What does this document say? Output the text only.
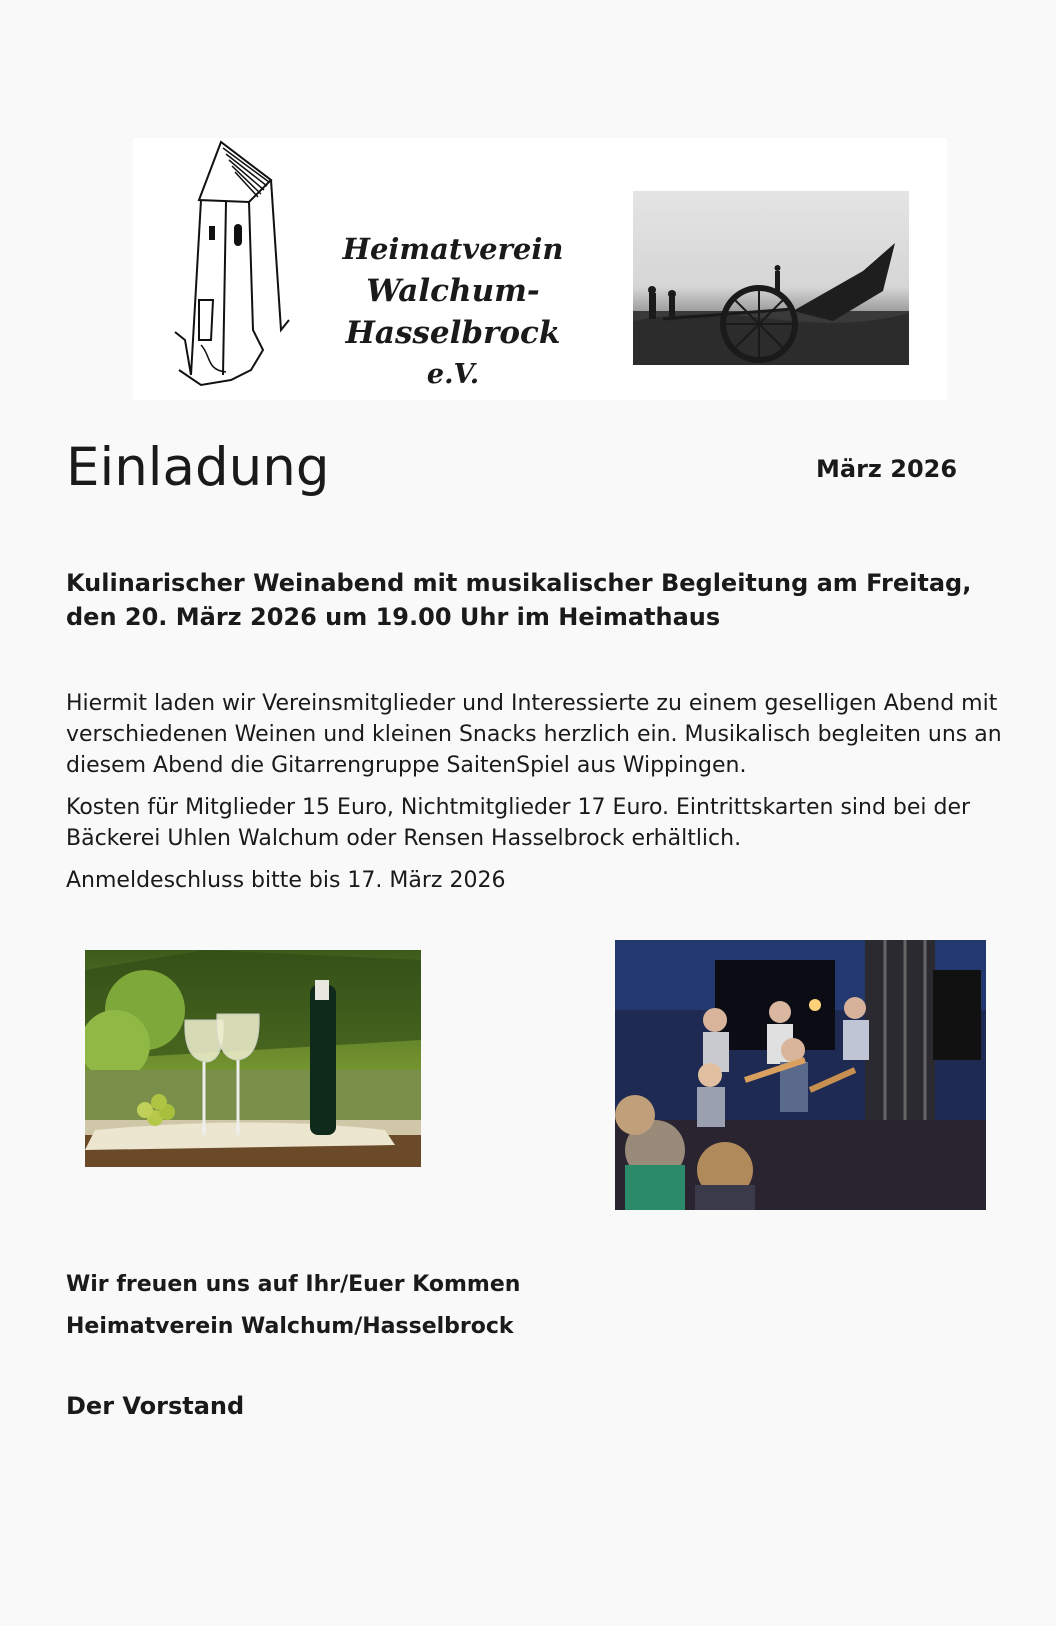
Heimatverein
Walchum-Hasselbrock
e.V.
Einladung	März 2026
Kulinarischer Weinabend mit musikalischer Begleitung am Freitag, den 20. März 2026 um 19.00 Uhr im Heimathaus

Hiermit laden wir Vereinsmitglieder und Interessierte zu einem geselligen Abend mit verschiedenen Weinen und kleinen Snacks herzlich ein. Musikalisch begleiten uns an diesem Abend die Gitarrengruppe SaitenSpiel aus Wippingen.

Kosten für Mitglieder 15 Euro, Nichtmitglieder 17 Euro. Eintrittskarten sind bei der Bäckerei Uhlen Walchum oder Rensen Hasselbrock erhältlich.

Anmeldeschluss bitte bis 17. März 2026

Wir freuen uns auf Ihr/Euer Kommen
Heimatverein Walchum/Hasselbrock
Der Vorstand
